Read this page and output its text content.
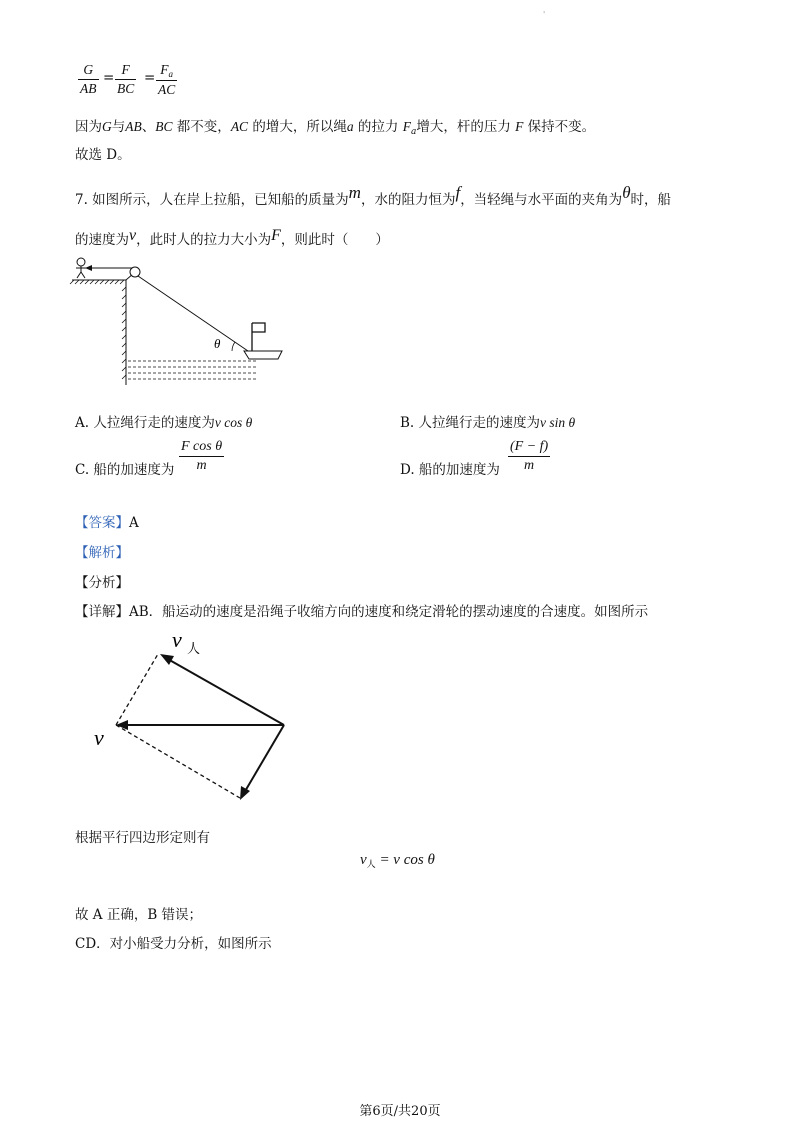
'
G
AB
=
F
BC
=
$F_a$
AC
因为G与AB、BC 都不变，AC 的增大，所以绳a 的拉力 $F_a$增大，杆的压力 F 保持不变。
故选 D。
7. 如图所示，人在岸上拉船，已知船的质量为m，水的阻力恒为f，当轻绳与水平面的夹角为θ时，船
的速度为v，此时人的拉力大小为F，则此时（　　）
θ
A. 人拉绳行走的速度为v cos θ	B. 人拉绳行走的速度为v sin θ
C. 船的加速度为
F cos θ
m	D. 船的加速度为
(F − f)
m
【答案】A
【解析】
【分析】
【详解】AB．船运动的速度是沿绳子收缩方向的速度和绕定滑轮的摆动速度的合速度。如图所示
v 人
v
根据平行四边形定则有
$v_人 = v$ cos θ
故 A 正确，B 错误；
CD．对小船受力分析，如图所示
第6页/共20页
